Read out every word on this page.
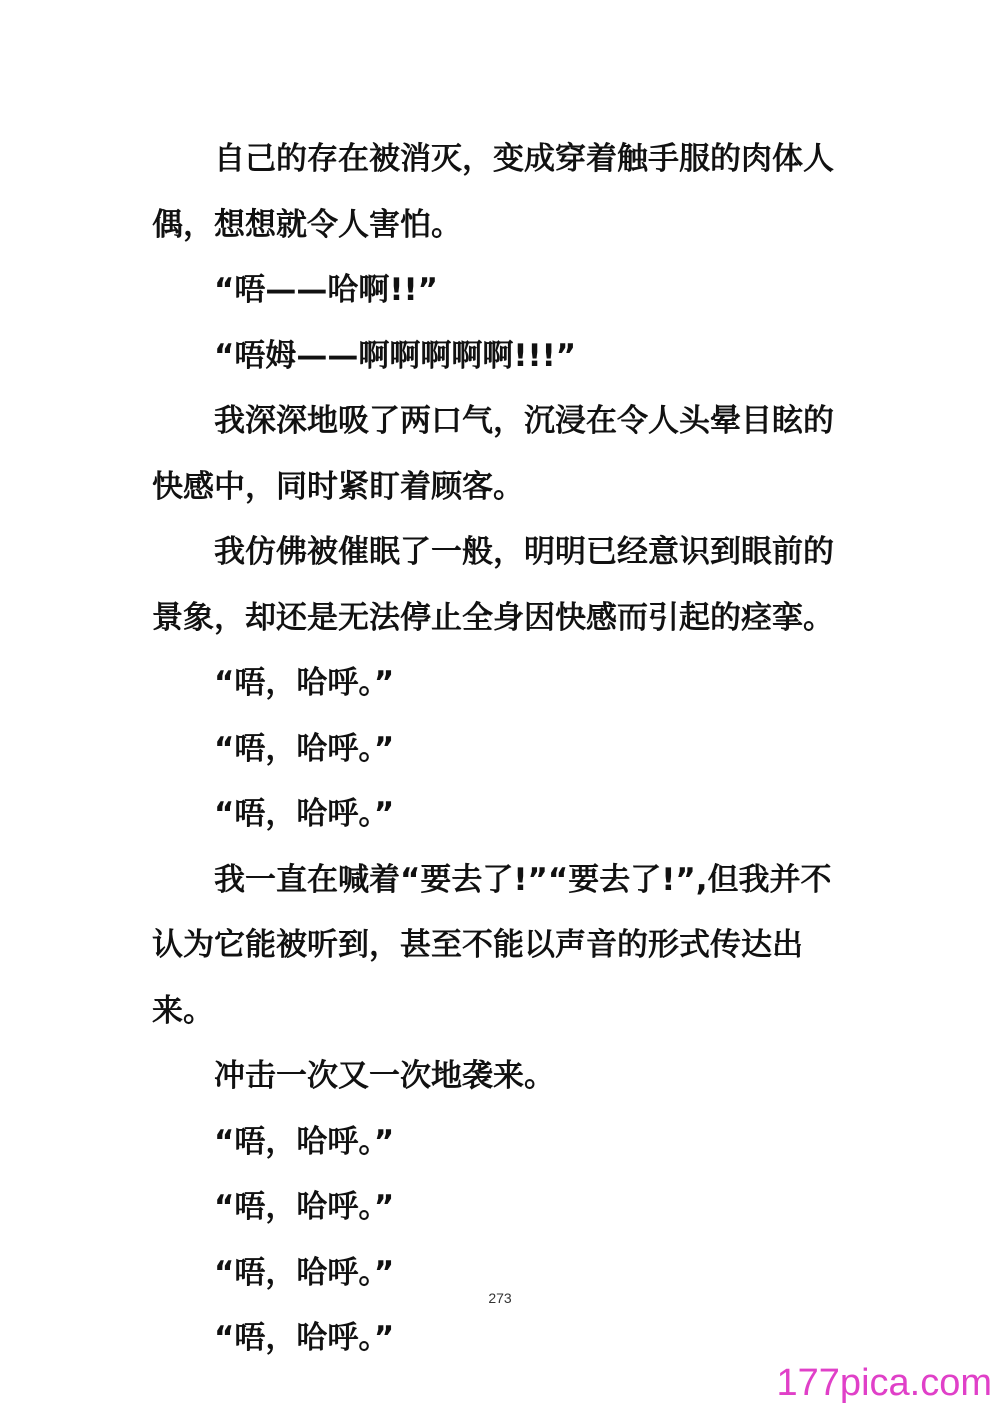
自己的存在被消灭，变成穿着触手服的肉体人偶，想想就令人害怕。

“唔——哈啊!!”

“唔姆——啊啊啊啊啊!!!”

我深深地吸了两口气，沉浸在令人头晕目眩的快感中，同时紧盯着顾客。

我仿佛被催眠了一般，明明已经意识到眼前的景象，却还是无法停止全身因快感而引起的痉挛。

“唔，哈呼。”

“唔，哈呼。”

“唔，哈呼。”

我一直在喊着“要去了!”“要去了!”,但我并不认为它能被听到，甚至不能以声音的形式传达出来。

冲击一次又一次地袭来。

“唔，哈呼。”

“唔，哈呼。”

“唔，哈呼。”

“唔，哈呼。”

273
177pica.com
